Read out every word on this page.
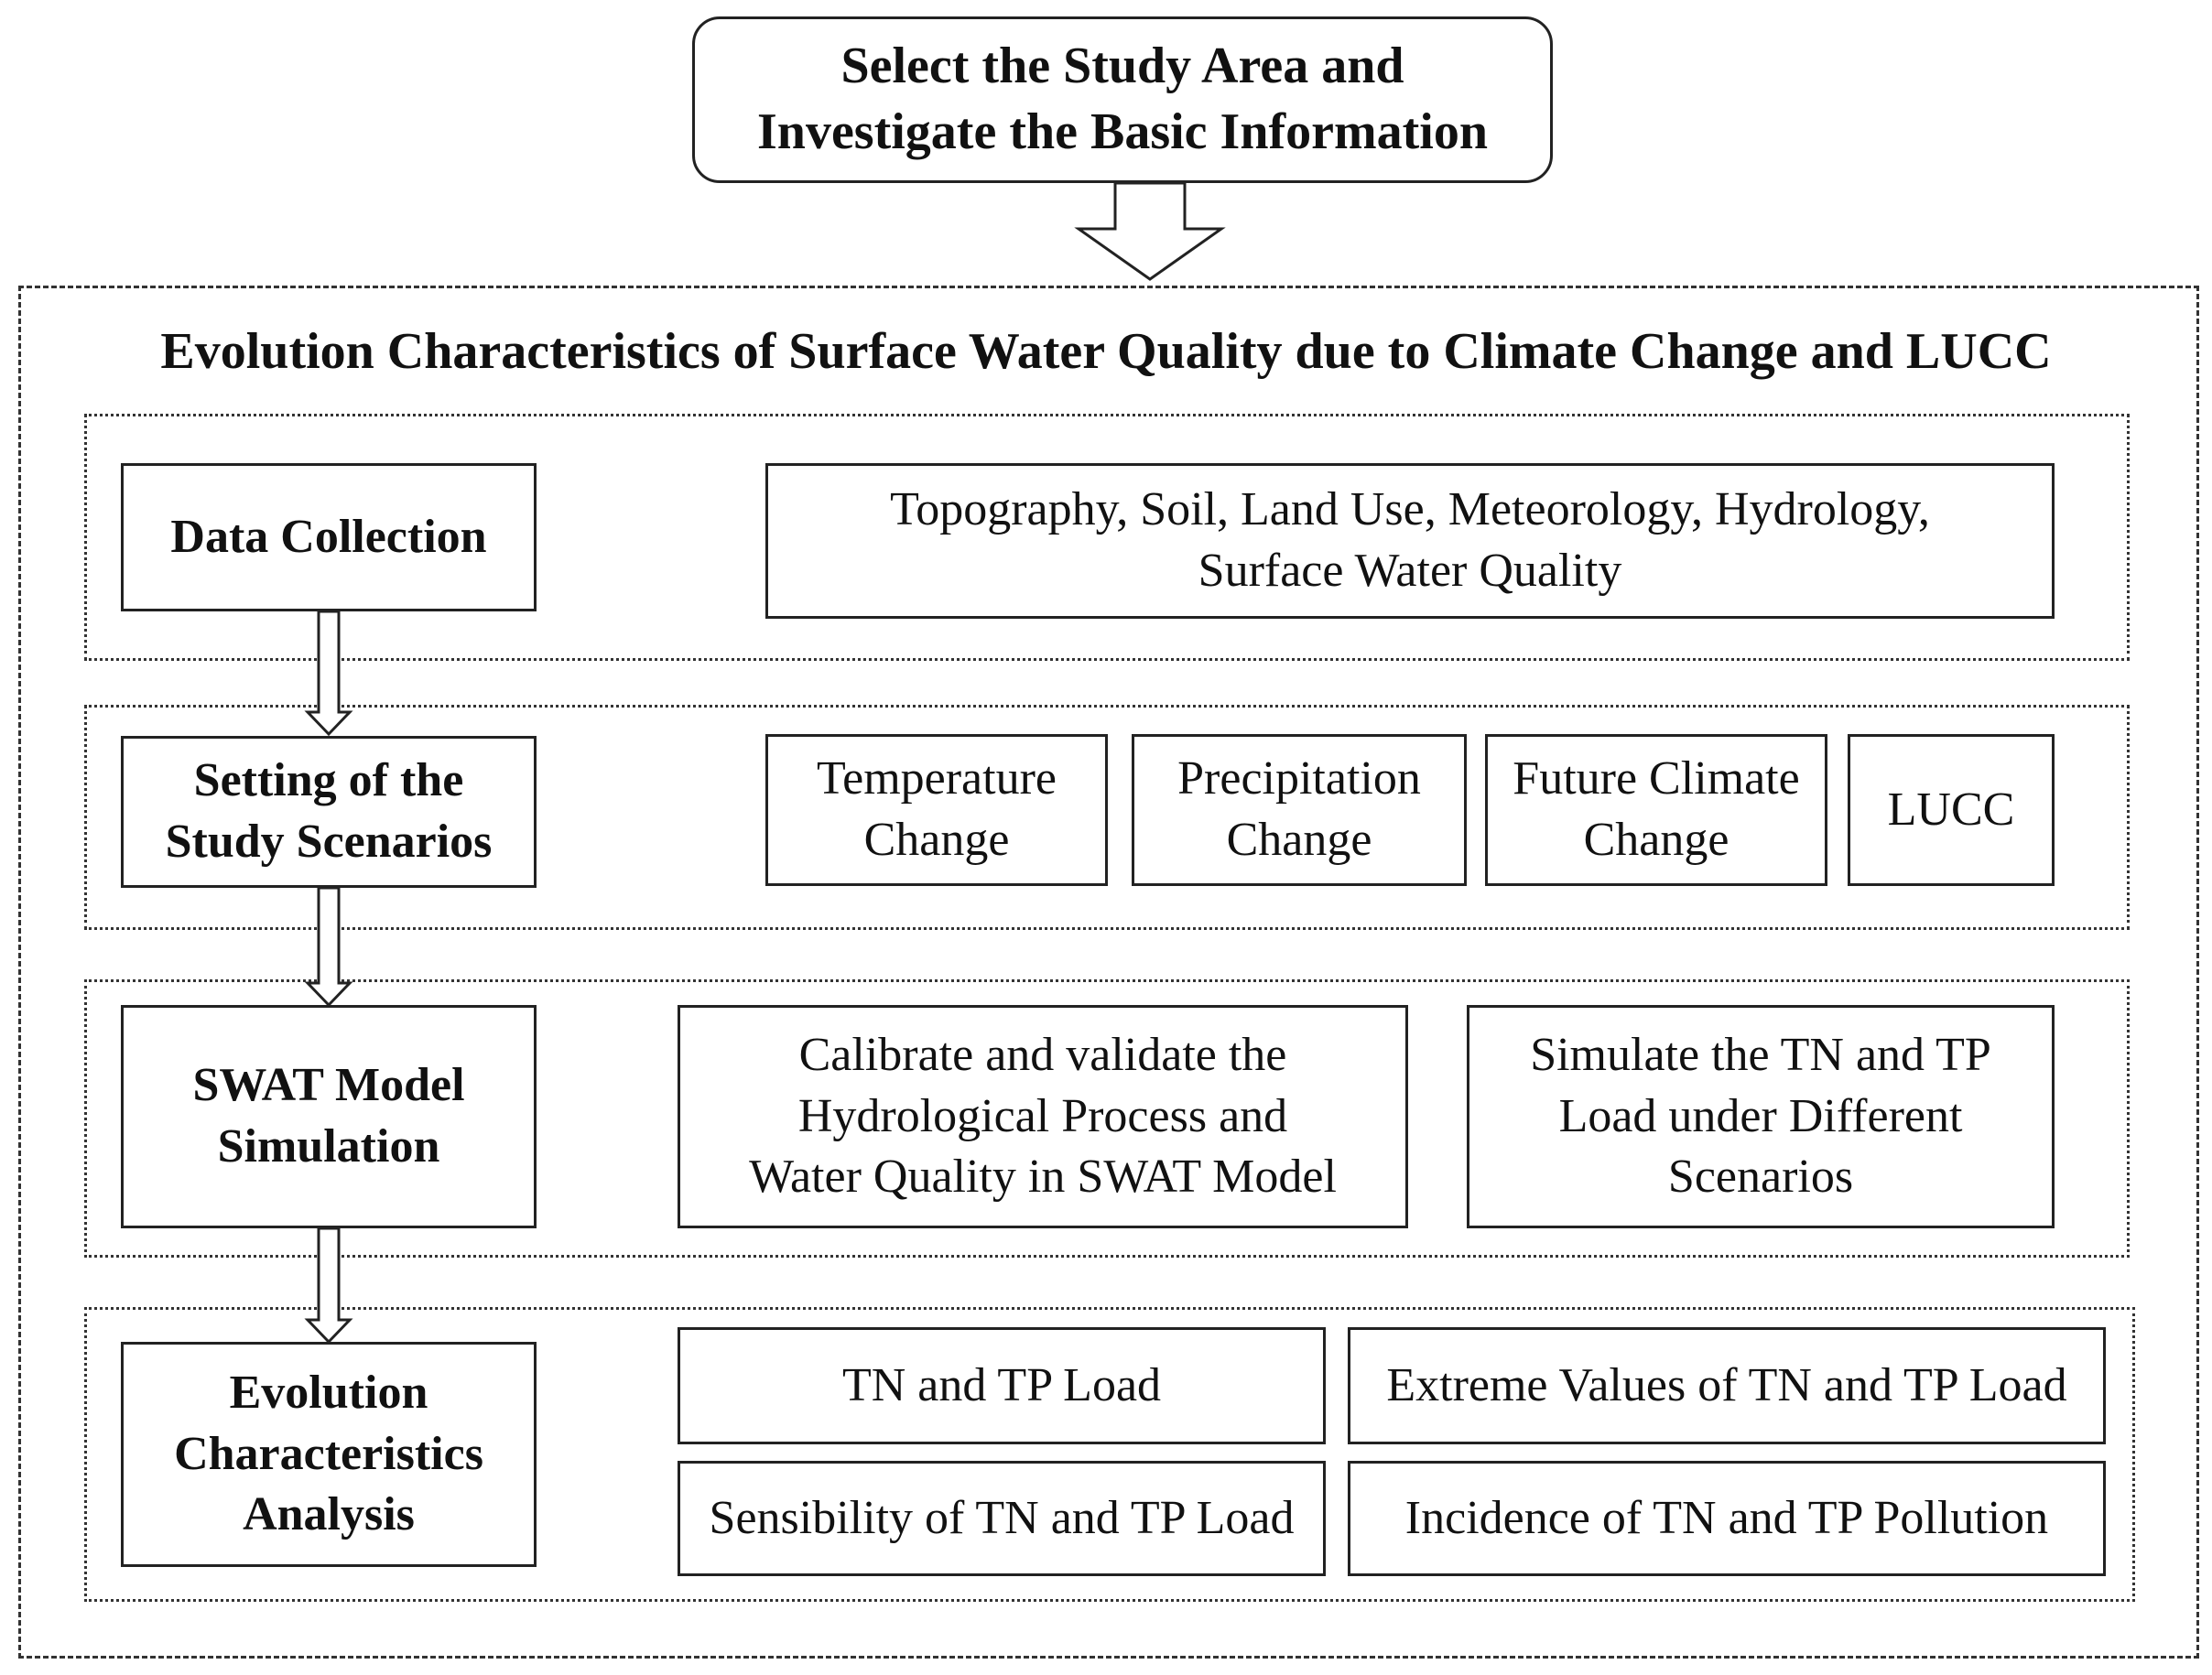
Select the Study Area and
Investigate the Basic Information
Evolution Characteristics of Surface Water Quality due to Climate Change and LUCC
Data Collection
Topography, Soil, Land Use, Meteorology, Hydrology,
Surface Water Quality
Setting of the
Study Scenarios
Temperature
Change
Precipitation
Change
Future Climate
Change
LUCC
SWAT Model
Simulation
Calibrate and validate the
Hydrological Process and
Water Quality in SWAT Model
Simulate the TN and TP
Load under Different
Scenarios
Evolution
Characteristics
Analysis
TN and TP Load	Extreme Values of TN and TP Load
Sensibility of TN and TP Load Incidence of TN and TP Pollution
